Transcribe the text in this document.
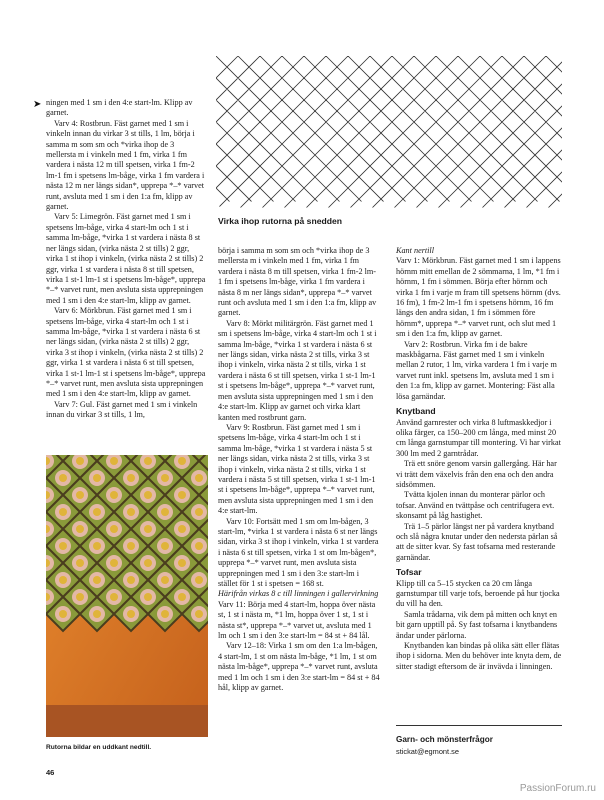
➤ ningen med 1 sm i den 4:e start-lm. Klipp av garnet.

Varv 4: Rostbrun. Fäst garnet med 1 sm i vinkeln innan du virkar 3 st tills, 1 lm, börja i samma m som sm och *virka ihop de 3 mellersta m i vinkeln med 1 fm, virka 1 fm vardera i nästa 12 m till spetsen, virka 1 fm-2 lm-1 fm i spetsens lm-båge, virka 1 fm vardera i nästa 12 m ner längs sidan*, upprepa *–* varvet runt, avsluta med 1 sm i den 1:a fm, klipp av garnet.

Varv 5: Limegrön. Fäst garnet med 1 sm i spetsens lm-båge, virka 4 start-lm och 1 st i samma lm-båge, *virka 1 st vardera i nästa 8 st ner längs sidan, (virka nästa 2 st tills) 2 ggr, virka 1 st ihop i vinkeln, (virka nästa 2 st tills) 2 ggr, virka 1 st vardera i nästa 8 st till spetsen, virka 1 st-1 lm-1 st i spetsens lm-båge*, upprepa *–* varvet runt, men avsluta sista upprepningen med 1 sm i den 4:e start-lm, klipp av garnet.

Varv 6: Mörkbrun. Fäst garnet med 1 sm i spetsens lm-båge, virka 4 start-lm och 1 st i samma lm-båge, *virka 1 st vardera i nästa 6 st ner längs sidan, (virka nästa 2 st tills) 2 ggr, virka 3 st ihop i vinkeln, (virka nästa 2 st tills) 2 ggr, virka 1 st vardera i nästa 6 st till spetsen, virka 1 st-1 lm-1 st i spetsens lm-båge*, upprepa *–* varvet runt, men avsluta sista upprepningen med 1 sm i den 4:e start-lm, klipp av garnet.

Varv 7: Gul. Fäst garnet med 1 sm i vinkeln innan du virkar 3 st tills, 1 lm,

Virka ihop rutorna på snedden
Rutorna bildar en uddkant nedtill.

börja i samma m som sm och *virka ihop de 3 mellersta m i vinkeln med 1 fm, virka 1 fm vardera i nästa 8 m till spetsen, virka 1 fm-2 lm-1 fm i spetsens lm-båge, virka 1 fm vardera i nästa 8 m ner längs sidan*, upprepa *–* varvet runt och avsluta med 1 sm i den 1:a fm, klipp av garnet.

Varv 8: Mörkt militärgrön. Fäst garnet med 1 sm i spetsens lm-båge, virka 4 start-lm och 1 st i samma lm-båge, *virka 1 st vardera i nästa 6 st ner längs sidan, virka nästa 2 st tills, virka 3 st ihop i vinkeln, virka nästa 2 st tills, virka 1 st vardera i nästa 6 st till spetsen, virka 1 st-1 lm-1 st i spetsens lm-båge*, upprepa *–* varvet runt, men avsluta sista upprepningen med 1 sm i den 4:e start-lm. Klipp av garnet och virka klart kanten med rostbrunt garn.

Varv 9: Rostbrun. Fäst garnet med 1 sm i spetsens lm-båge, virka 4 start-lm och 1 st i samma lm-båge, *virka 1 st vardera i nästa 5 st ner längs sidan, virka nästa 2 st tills, virka 3 st ihop i vinkeln, virka nästa 2 st tills, virka 1 st vardera i nästa 5 st till spetsen, virka 1 st-1 lm-1 st i spetsens lm-båge*, upprepa *–* varvet runt, men avsluta sista upprepningen med 1 sm i den 4:e start-lm.

Varv 10: Fortsätt med 1 sm om lm-bågen, 3 start-lm, *virka 1 st vardera i nästa 6 st ner längs sidan, virka 3 st ihop i vinkeln, virka 1 st vardera i nästa 6 st till spetsen, virka 1 st om lm-bågen*, upprepa *–* varvet runt, men avsluta sista upprepningen med 1 sm i den 3:e start-lm i stället för 1 st i spetsen = 168 st.

Härifrån virkas 8 c till linningen i gallervirkning

Varv 11: Börja med 4 start-lm, hoppa över nästa st, 1 st i nästa m, *1 lm, hoppa över 1 st, 1 st i nästa st*, upprepa *–* varvet ut, avsluta med 1 lm och 1 sm i den 3:e start-lm = 84 st + 84 lål.

Varv 12–18: Virka 1 sm om den 1:a lm-bågen, 4 start-lm, 1 st om nästa lm-båge, *1 lm, 1 st om nästa lm-båge*, upprepa *–* varvet runt, avsluta med 1 lm och 1 sm i den 3:e start-lm = 84 st + 84 hål, klipp av garnet.

Kant nertill

Varv 1: Mörkbrun. Fäst garnet med 1 sm i lappens hörnm mitt emellan de 2 sömmarna, 1 lm, *1 fm i hörnm, 1 fm i sömmen. Börja efter hörnm och virka 1 fm i varje m fram till spetsens hörnm (dvs. 16 fm), 1 fm-2 lm-1 fm i spetsens hörnm, 16 fm längs den andra sidan, 1 fm i sömmen före hörnm*, upprepa *–* varvet runt, och slut med 1 sm i den 1:a fm, klipp av garnet.

Varv 2: Rostbrun. Virka fm i de bakre maskbågarna. Fäst garnet med 1 sm i vinkeln mellan 2 rutor, 1 lm, virka vardera 1 fm i varje m varvet runt inkl. spetsens lm, avsluta med 1 sm i den 1:a fm, klipp av garnet. Montering: Fäst alla lösa garnändar.

Knytband

Använd garnrester och virka 8 luftmaskkedjor i olika färger, ca 150–200 cm långa, med minst 20 cm långa garnstumpar till montering. Vi har virkat 300 lm med 2 garntrådar.

Trä ett snöre genom varsin gallergång. Här har vi trätt dem växelvis från den ena och den andra sidsömmen.

Tvätta kjolen innan du monterar pärlor och tofsar. Använd en tvättpåse och centrifugera evt. skonsamt på låg hastighet.

Trä 1–5 pärlor längst ner på vardera knytband och slå några knutar under den nedersta pärlan så att de sitter kvar. Sy fast tofsarna med resterande garnändar.

Tofsar

Klipp till ca 5–15 stycken ca 20 cm långa garnstumpar till varje tofs, beroende på hur tjocka du vill ha den.

Samla trådarna, vik dem på mitten och knyt en bit garn upptill på. Sy fast tofsarna i knytbandens ändar under pärlorna.

Knytbanden kan bindas på olika sätt eller flätas ihop i sidorna. Men du behöver inte knyta dem, de sitter stadigt eftersom de är invävda i linningen.

Garn- och mönsterfrågor
stickat@egmont.se
46
PassionForum.ru
